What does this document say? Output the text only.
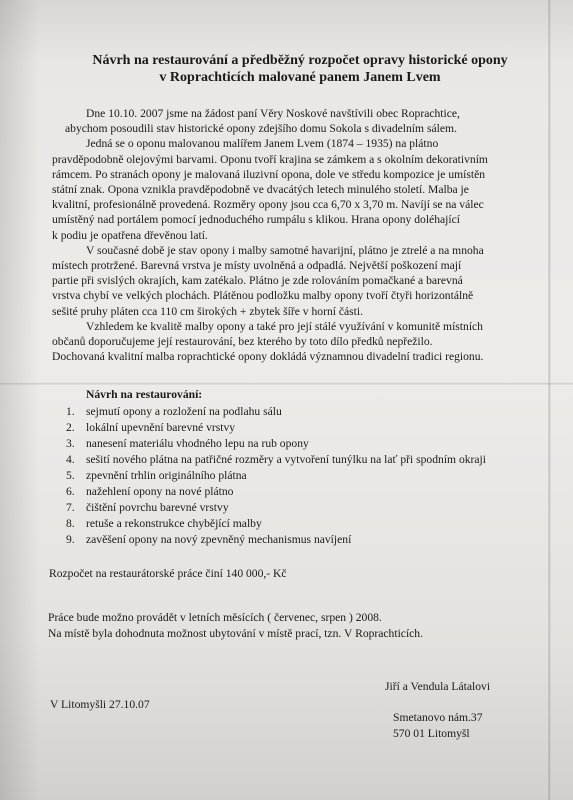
Návrh na restaurování a předběžný rozpočet opravy historické opony
v Roprachticích malované panem Janem Lvem

Dne 10.10. 2007 jsme na žádost paní Věry Noskové navštívili obec Roprachtice,
abychom posoudili stav historické opony zdejšího domu Sokola s divadelním sálem.

Jedná se o oponu malovanou malířem Janem Lvem (1874 – 1935) na plátno
pravděpodobně olejovými barvami. Oponu tvoří krajina se zámkem a s okolním dekorativním
rámcem. Po stranách opony je malovaná iluzivní opona, dole ve středu kompozice je umístěn
státní znak. Opona vznikla pravděpodobně ve dvacátých letech minulého století. Malba je
kvalitní, profesionálně provedená. Rozměry opony jsou cca 6,70 x 3,70 m. Navíjí se na válec
umístěný nad portálem pomocí jednoduchého rumpálu s klikou. Hrana opony doléhající
k podiu je opatřena dřevěnou latí.

V současné době je stav opony i malby samotné havarijní, plátno je ztrelé a na mnoha
místech protržené. Barevná vrstva je místy uvolněná a odpadlá. Největší poškození mají
partie při svislých okrajích, kam zatékalo. Plátno je zde rolováním pomačkané a barevná
vrstva chybí ve velkých plochách. Plátěnou podložku malby opony tvoří čtyři horizontálně
sešité pruhy pláten cca 110 cm širokých + zbytek šíře v horní části.

Vzhledem ke kvalitě malby opony a také pro její stálé využívání v komunitě místních
občanů doporučujeme její restaurování, bez kterého by toto dílo předků nepřežilo.
Dochovaná kvalitní malba roprachtické opony dokládá významnou divadelní tradici regionu.

Návrh na restaurování:
1. sejmutí opony a rozložení na podlahu sálu
2. lokální upevnění barevné vrstvy
3. nanesení materiálu vhodného lepu na rub opony
4. sešití nového plátna na patřičné rozměry a vytvoření tunýlku na lať při spodním okraji
5. zpevnění trhlin originálního plátna
6. nažehlení opony na nové plátno
7. čištění povrchu barevné vrstvy
8. retuše a rekonstrukce chybějící malby
9. zavěšení opony na nový zpevněný mechanismus navíjení
Rozpočet na restaurátorské práce činí 140 000,- Kč
Práce bude možno provádět v letních měsících ( červenec, srpen ) 2008.
Na místě byla dohodnuta možnost ubytování v místě prací, tzn. V Roprachticích.
V Litomyšli 27.10.07
Jiří a Vendula Látalovi
Smetanovo nám.37
570 01 Litomyšl
